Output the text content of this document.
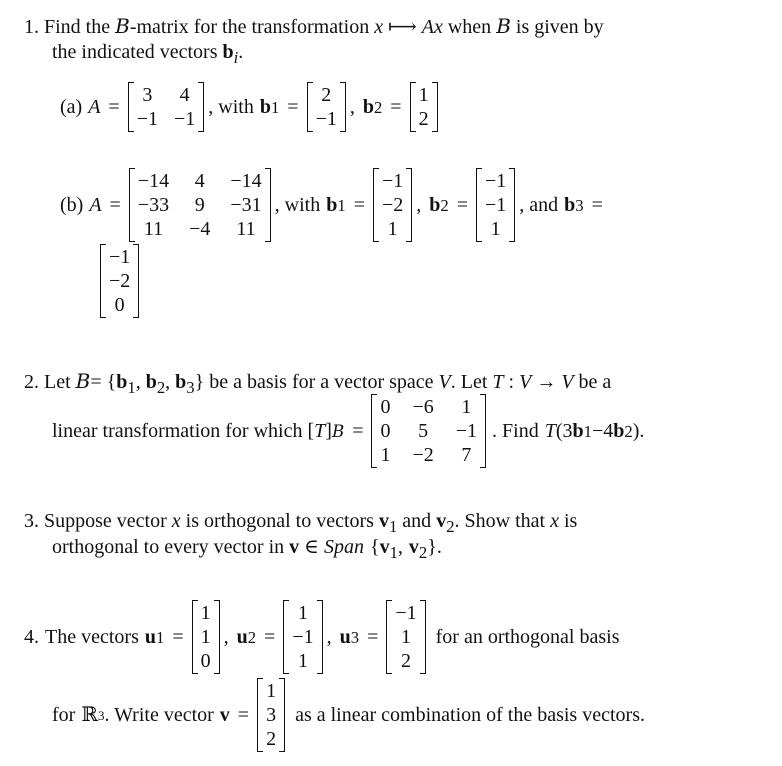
1. Find the B-matrix for the transformation x ⟼ Ax when B is given by
the indicated vectors $b_i$.
(a) A =
3 4
−1 −1
, with b 1 =
2
−1
, b 2 =
1
2
(b) A =
−14 4 −14
−33 9 −31
11 −4 11
, with b 1 =
−1
−2
1
, b 2 =
−1
−1
1
, and b 3 =
−1
−2
0
2. Let $B= \{b_1$, $b_2$, $b_3$} be a basis for a vector space V. Let T : V → V be a
linear transformation for which [ T ] B =
0 −6 1
0 5 −1
1 −2 7
. Find T (3 b 1 −4 b 2 ).
3. Suppose vector x is orthogonal to vectors $v_1$ and $v_2$. Show that x is
orthogonal to every vector in v ∈ Span {$v_1$, $v_2$}.
4. The vectors u 1 =
1
1
0
, u 2 =
1
−1
1
, u 3 =
−1
1
2
for an orthogonal basis
for ℝ 3 . Write vector v =
1
3
2
as a linear combination of the basis vectors.
